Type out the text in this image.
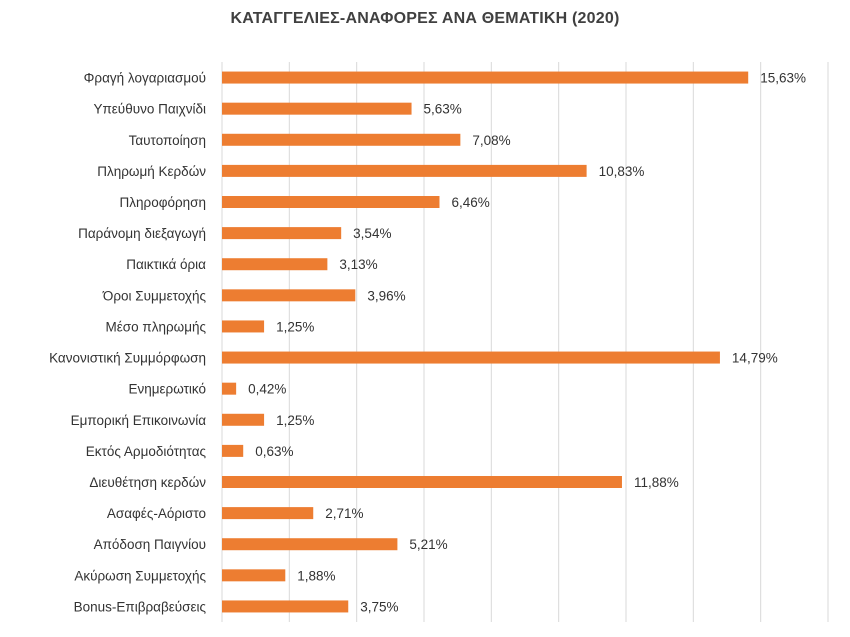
ΚΑΤΑΓΓΕΛΙΕΣ-ΑΝΑΦΟΡΕΣ ΑΝΑ ΘΕΜΑΤΙΚΗ (2020)
Φραγή λογαριασμού
Υπεύθυνο Παιχνίδι
Ταυτοποίηση
Πληρωμή Κερδών
Πληροφόρηση
Παράνομη διεξαγωγή
Παικτικά όρια
Όροι Συμμετοχής
Μέσο πληρωμής
Κανονιστική Συμμόρφωση
Ενημερωτικό
Εμπορική Επικοινωνία
Εκτός Αρμοδιότητας
Διευθέτηση κερδών
Ασαφές-Αόριστο
Απόδοση Παιγνίου
Ακύρωση Συμμετοχής
Bonus-Επιβραβεύσεις
15,63%
5,63%
7,08%
10,83%
6,46%
3,54%
3,13%
3,96%
1,25%
14,79%
0,42%
1,25%
0,63%
11,88%
2,71%
5,21%
1,88%
3,75%
